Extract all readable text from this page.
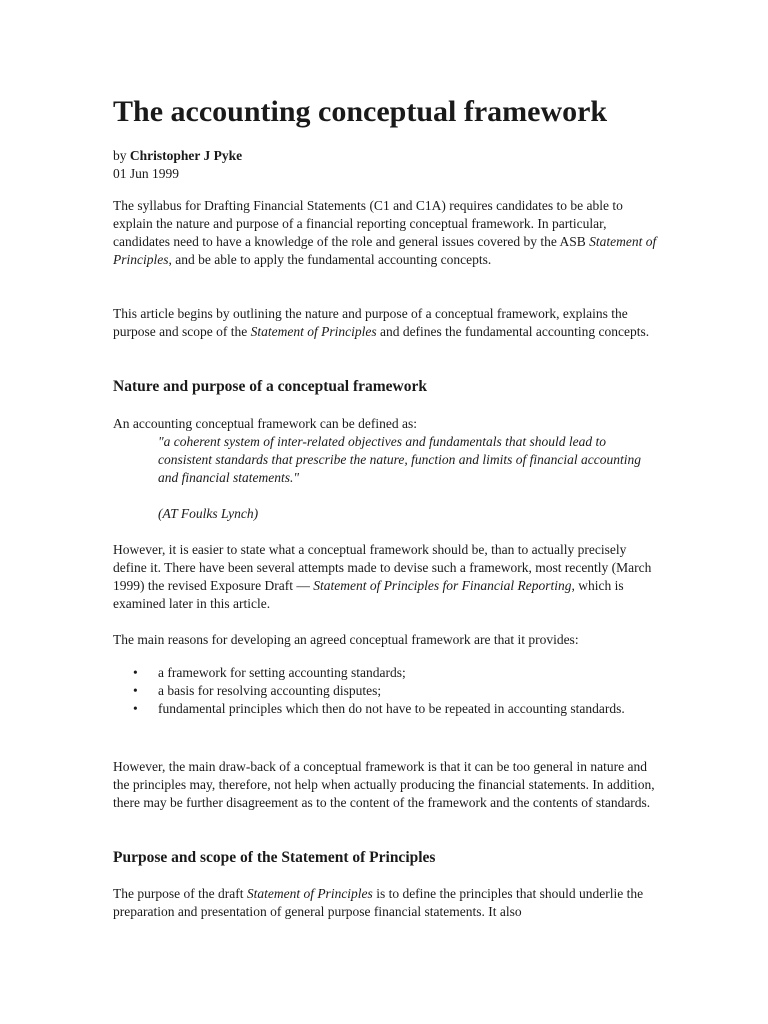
The accounting conceptual framework
by Christopher J Pyke
01 Jun 1999

The syllabus for Drafting Financial Statements (C1 and C1A) requires candidates to be able to explain the nature and purpose of a financial reporting conceptual framework. In particular, candidates need to have a knowledge of the role and general issues covered by the ASB Statement of Principles, and be able to apply the fundamental accounting concepts.

This article begins by outlining the nature and purpose of a conceptual framework, explains the purpose and scope of the Statement of Principles and defines the fundamental accounting concepts.

Nature and purpose of a conceptual framework

An accounting conceptual framework can be defined as:

"a coherent system of inter-related objectives and fundamentals that should lead to consistent standards that prescribe the nature, function and limits of financial accounting and financial statements."

(AT Foulks Lynch)

However, it is easier to state what a conceptual framework should be, than to actually precisely define it. There have been several attempts made to devise such a framework, most recently (March 1999) the revised Exposure Draft — Statement of Principles for Financial Reporting, which is examined later in this article.

The main reasons for developing an agreed conceptual framework are that it provides:

• a framework for setting accounting standards;
• a basis for resolving accounting disputes;
• fundamental principles which then do not have to be repeated in accounting standards.

However, the main draw-back of a conceptual framework is that it can be too general in nature and the principles may, therefore, not help when actually producing the financial statements. In addition, there may be further disagreement as to the content of the framework and the contents of standards.

Purpose and scope of the Statement of Principles

The purpose of the draft Statement of Principles is to define the principles that should underlie the preparation and presentation of general purpose financial statements. It also
